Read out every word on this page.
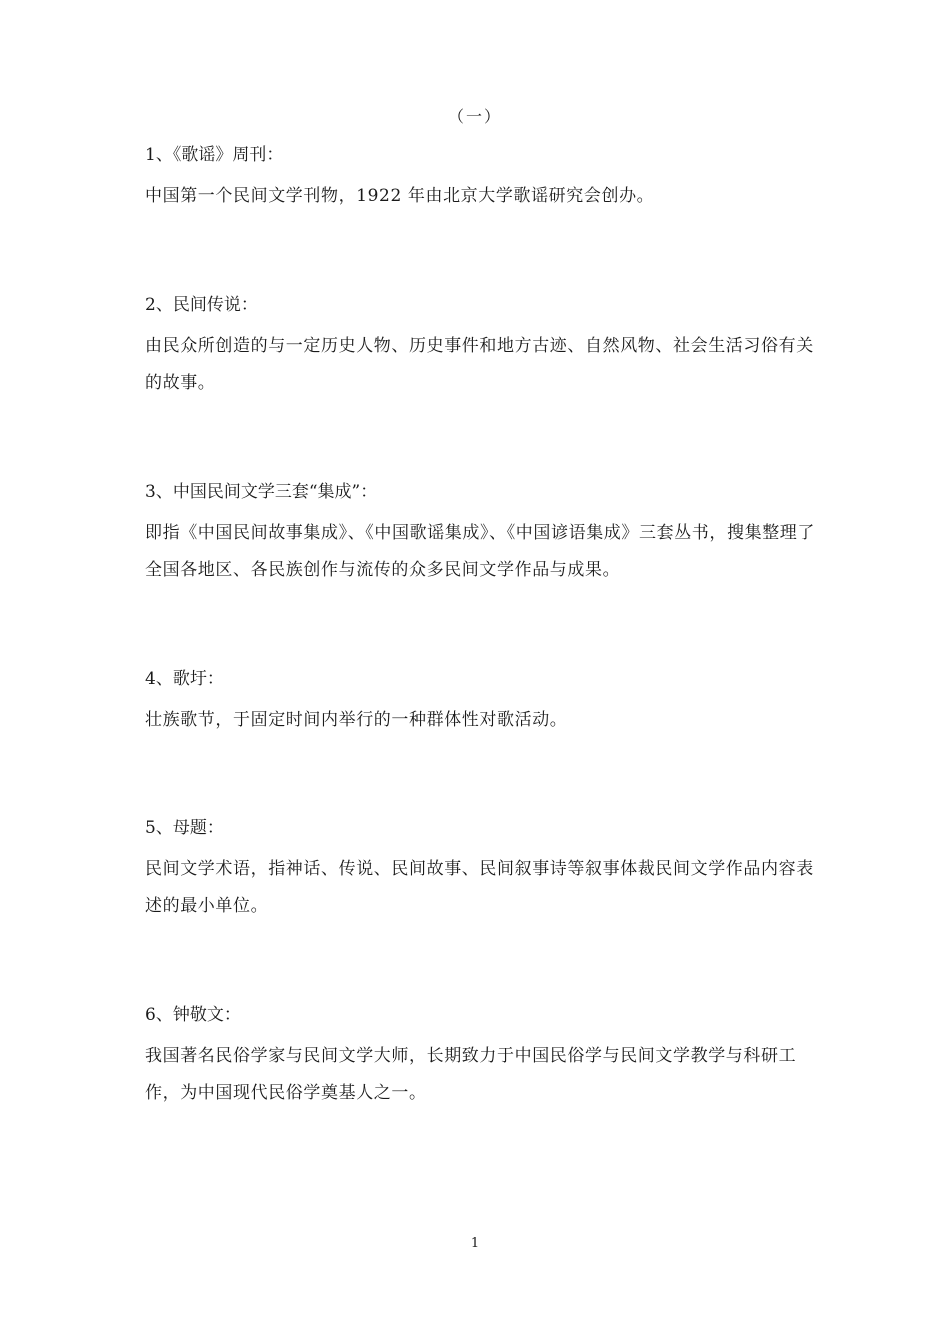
（一）

1、《歌谣》周刊：

中国第一个民间文学刊物，1922 年由北京大学歌谣研究会创办。

2、民间传说：

由民众所创造的与一定历史人物、历史事件和地方古迹、自然风物、社会生活习俗有关的故事。

3、中国民间文学三套“集成”：

即指《中国民间故事集成》、《中国歌谣集成》、《中国谚语集成》三套丛书，搜集整理了全国各地区、各民族创作与流传的众多民间文学作品与成果。

4、歌圩：

壮族歌节，于固定时间内举行的一种群体性对歌活动。

5、母题：

民间文学术语，指神话、传说、民间故事、民间叙事诗等叙事体裁民间文学作品内容表述的最小单位。

6、钟敬文：

我国著名民俗学家与民间文学大师，长期致力于中国民俗学与民间文学教学与科研工作，为中国现代民俗学奠基人之一。

1
